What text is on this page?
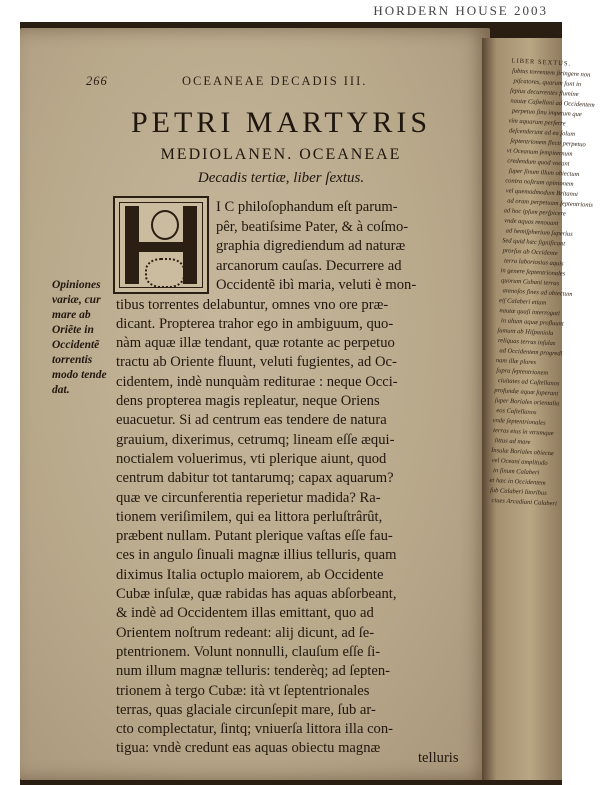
HORDERN HOUSE 2003
266	OCEANEAE DECADIS III.
PETRI MARTYRIS
MEDIOLANEN. OCEANEAE
Decadis tertiæ, liber ſextus.
Opiniones
variæ, cur
mare ab
Oriẽte in
Occidentẽ
torrentis
modo tende
dat.
I C philoſophandum eſt parum-
pêr, beatiſsime Pater, & à coſmo-
graphia digrediendum ad naturæ
arcanorum cauſas. Decurrere ad
Occidentẽ ibì maria, veluti è mon-
tibus torrentes delabuntur, omnes vno ore præ-
dicant. Propterea trahor ego in ambiguum, quo-
nàm aquæ illæ tendant, quæ rotante ac perpetuo
tractu ab Oriente fluunt, veluti fugientes, ad Oc-
cidentem, indè nunquàm rediturae : neque Occi-
dens propterea magis repleatur, neque Oriens
euacuetur. Si ad centrum eas tendere de natura
grauium, dixerimus, cetrumq; lineam eſſe æqui-
noctialem voluerimus, vti plerique aiunt, quod
centrum dabitur tot tantarumq; capax aquarum?
quæ ve circunferentia reperietur madida? Ra-
tionem veriſimilem, qui ea littora perluſtrârût,
præbent nullam. Putant plerique vaſtas eſſe fau-
ces in angulo ſinuali magnæ illius telluris, quam
diximus Italia octuplo maiorem, ab Occidente
Cubæ inſulæ, quæ rabidas has aquas abſorbeant,
& indè ad Occidentem illas emittant, quo ad
Orientem noſtrum redeant: alij dicunt, ad ſe-
ptentrionem. Volunt nonnulli, clauſum eſſe ſi-
num illum magnæ telluris: tenderèq; ad ſepten-
trionem à tergo Cubæ: ità vt ſeptentrionales
terras, quas glaciale circunſepit mare, ſub ar-
cto complectatur, ſintq; vniuerſa littora illa con-
tigua: vndè credunt eas aquas obiectu magnæ
telluris
LIBER SEXTUS.
ſubtus torrentem ſtringere non
piſcatores, quarum ſunt in
ſepius decurrentes flumine
nautæ Caſtellani ad Occidentem
perpetuo ſinu impetum que
vim aquarum perferre
deſcenderunt ad ea ſolum
ſeptentrionem flecti perpetuo
vt Oceanum ſempiternum
credendum quod vocant
ſuper ſinum illum obiectum
contra noſtram opinionem
vel quemadmodum Britanni
ad oram perpetuam ſeptentrionis
ad hoc ipſum perſpicere
vnde aquas renouant
ad hemiſpherium ſuperius
Sed quid hæc ſignificant
prorſus ab Occidente
terra laboriosius aquis
in genere ſeptentrionales
quorum Cubani terras
arenoſos fines ad obiectum
eiſ Calaberi etiam
nautæ quaſi interrogati
in altum aquæ profluunt
ſumunt ab Hiſpaniola
reliquas terras inſulas
ad Occidentem progredi
nam illæ plures
ſupra ſeptentrionem
ciuitates ad Caſtellanos
profundæ aquæ ſuperant
ſuper Boriales orientalia
eos Caſtellanos
vnde ſeptentrionales
terras eius in vtrumque
littus ad mare
Insulæ Boriales obiectæ
vel Oceani amplitudo
in ſinum Calaberi
et hæc in Occidentem
ſub Calaberi litoribus
ciues Arcadiani Calaberi
